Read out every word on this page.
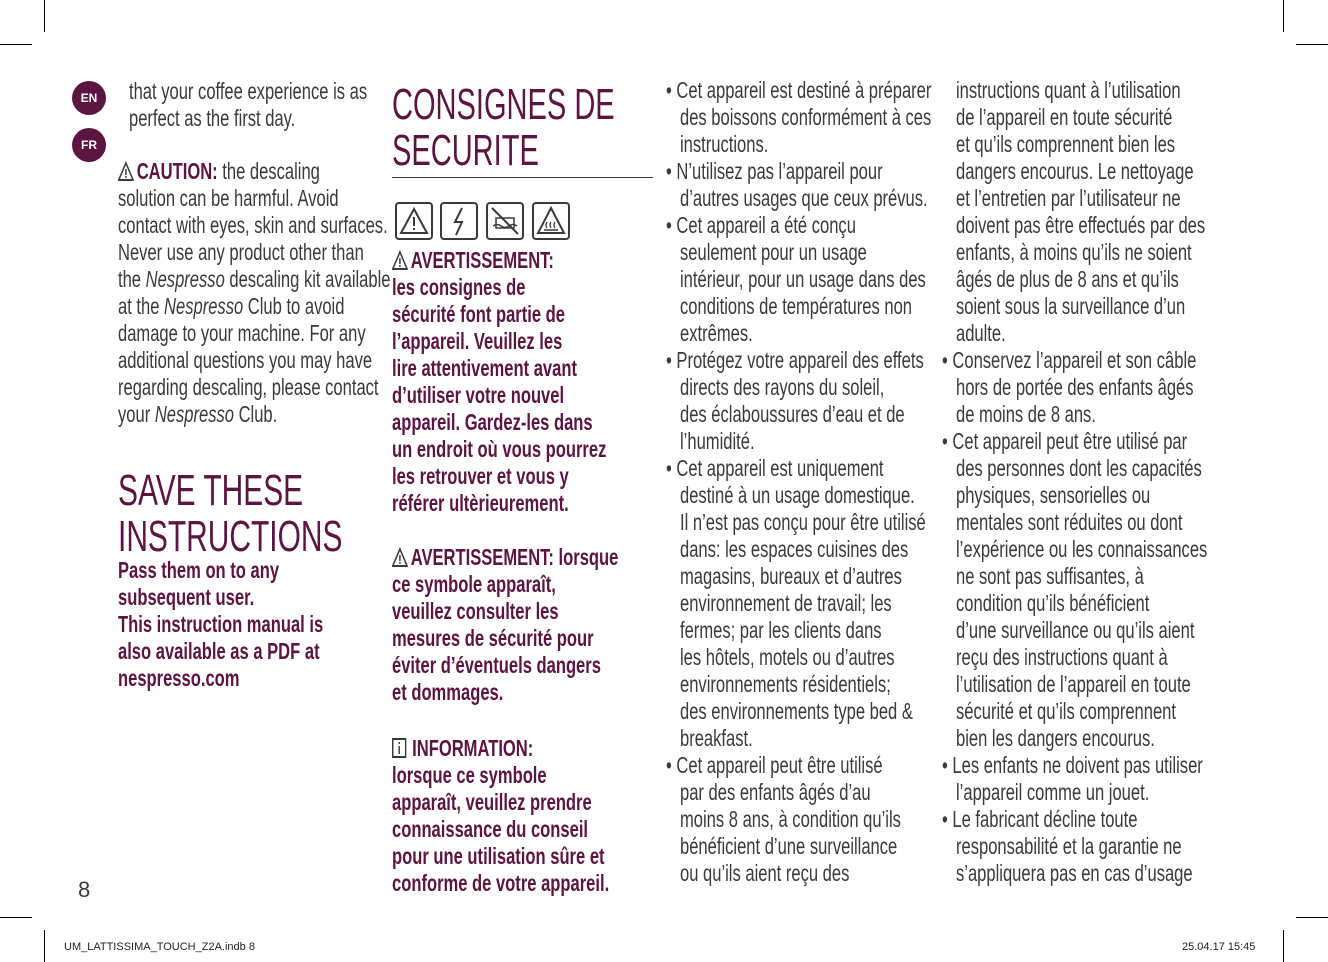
EN
FR
that your coffee experience is as
perfect as the ﬁrst day.
CAUTION: the descaling
solution can be harmful. Avoid
contact with eyes, skin and surfaces.
Never use any product other than
the Nespresso descaling kit available
at the Nespresso Club to avoid
damage to your machine. For any
additional questions you may have
regarding descaling, please contact
your Nespresso Club.
SAVE THESE
INSTRUCTIONS
Pass them on to any
subsequent user.
This instruction manual is
also available as a PDF at
nespresso.com
8
CONSIGNES DE
SECURITE
AVERTISSEMENT:
les consignes de
sécurité font partie de
l’appareil. Veuillez les
lire attentivement avant
d’utiliser votre nouvel
appareil. Gardez-les dans
un endroit où vous pourrez
les retrouver et vous y
référer ultèrieurement.
AVERTISSEMENT: lorsque
ce symbole apparaît,
veuillez consulter les
mesures de sécurité pour
éviter d’éventuels dangers
et dommages.
INFORMATION:
lorsque ce symbole
apparaît, veuillez prendre
connaissance du conseil
pour une utilisation sûre et
conforme de votre appareil.
• Cet appareil est destiné à préparer
des boissons conformément à ces
instructions.
• N’utilisez pas l’appareil pour
d’autres usages que ceux prévus.
• Cet appareil a été conçu
seulement pour un usage
intérieur, pour un usage dans des
conditions de températures non
extrêmes.
• Protégez votre appareil des effets
directs des rayons du soleil,
des éclaboussures d’eau et de
l’humidité.
• Cet appareil est uniquement
destiné à un usage domestique.
Il n’est pas conçu pour être utilisé
dans: les espaces cuisines des
magasins, bureaux et d’autres
environnement de travail; les
fermes; par les clients dans
les hôtels, motels ou d’autres
environnements résidentiels;
des environnements type bed &
breakfast.
• Cet appareil peut être utilisé
par des enfants âgés d’au
moins 8 ans, à condition qu’ils
bénéﬁcient d’une surveillance
ou qu’ils aient reçu des
instructions quant à l’utilisation
de l’appareil en toute sécurité
et qu’ils comprennent bien les
dangers encourus. Le nettoyage
et l’entretien par l’utilisateur ne
doivent pas être effectués par des
enfants, à moins qu’ils ne soient
âgés de plus de 8 ans et qu’ils
soient sous la surveillance d’un
adulte.
• Conservez l’appareil et son câble
hors de portée des enfants âgés
de moins de 8 ans.
• Cet appareil peut être utilisé par
des personnes dont les capacités
physiques, sensorielles ou
mentales sont réduites ou dont
l’expérience ou les connaissances
ne sont pas sufﬁsantes, à
condition qu’ils bénéﬁcient
d’une surveillance ou qu’ils aient
reçu des instructions quant à
l’utilisation de l’appareil en toute
sécurité et qu’ils comprennent
bien les dangers encourus.
• Les enfants ne doivent pas utiliser
l’appareil comme un jouet.
• Le fabricant décline toute
responsabilité et la garantie ne
s’appliquera pas en cas d’usage
UM_LATTISSIMA_TOUCH_Z2A.indb 8	25.04.17 15:45
